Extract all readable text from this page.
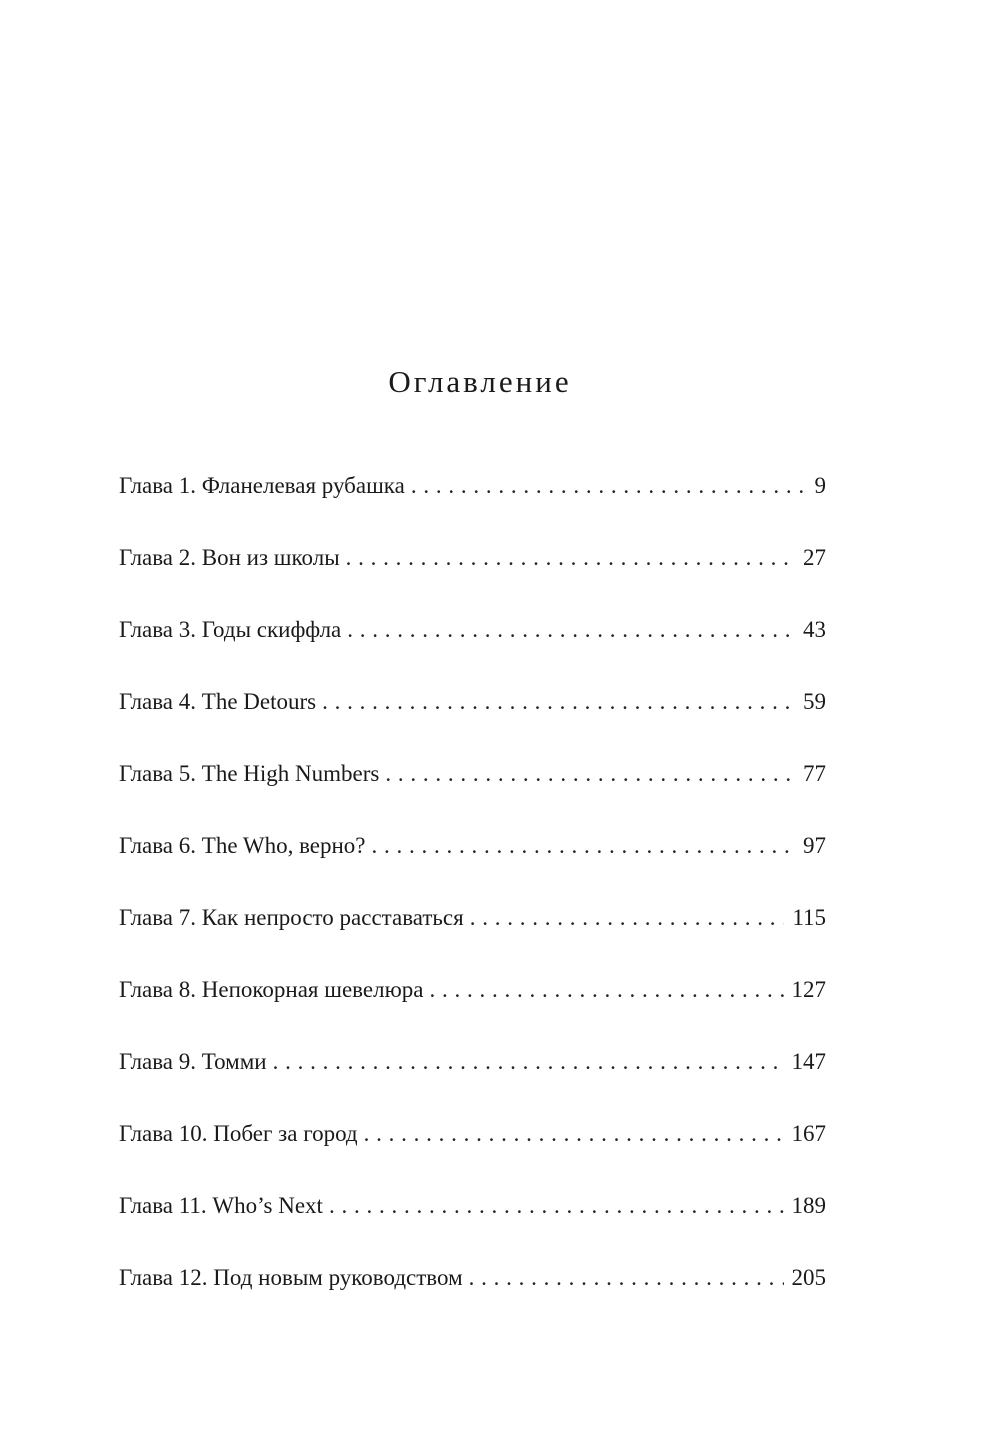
Оглавление
Глава 1. Фланелевая рубашка . . .	9
Глава 2. Вон из школы . . .	27
Глава 3. Годы скиффла . . .	43
Глава 4. The Detours . . .	59
Глава 5. The High Numbers . . .	77
Глава 6. The Who, верно? . . .	97
Глава 7. Как непросто расставаться . . .	115
Глава 8. Непокорная шевелюра . . .	127
Глава 9. Томми . . .	147
Глава 10. Побег за город . . .	167
Глава 11. Who’s Next . . .	189
Глава 12. Под новым руководством . . .	205
